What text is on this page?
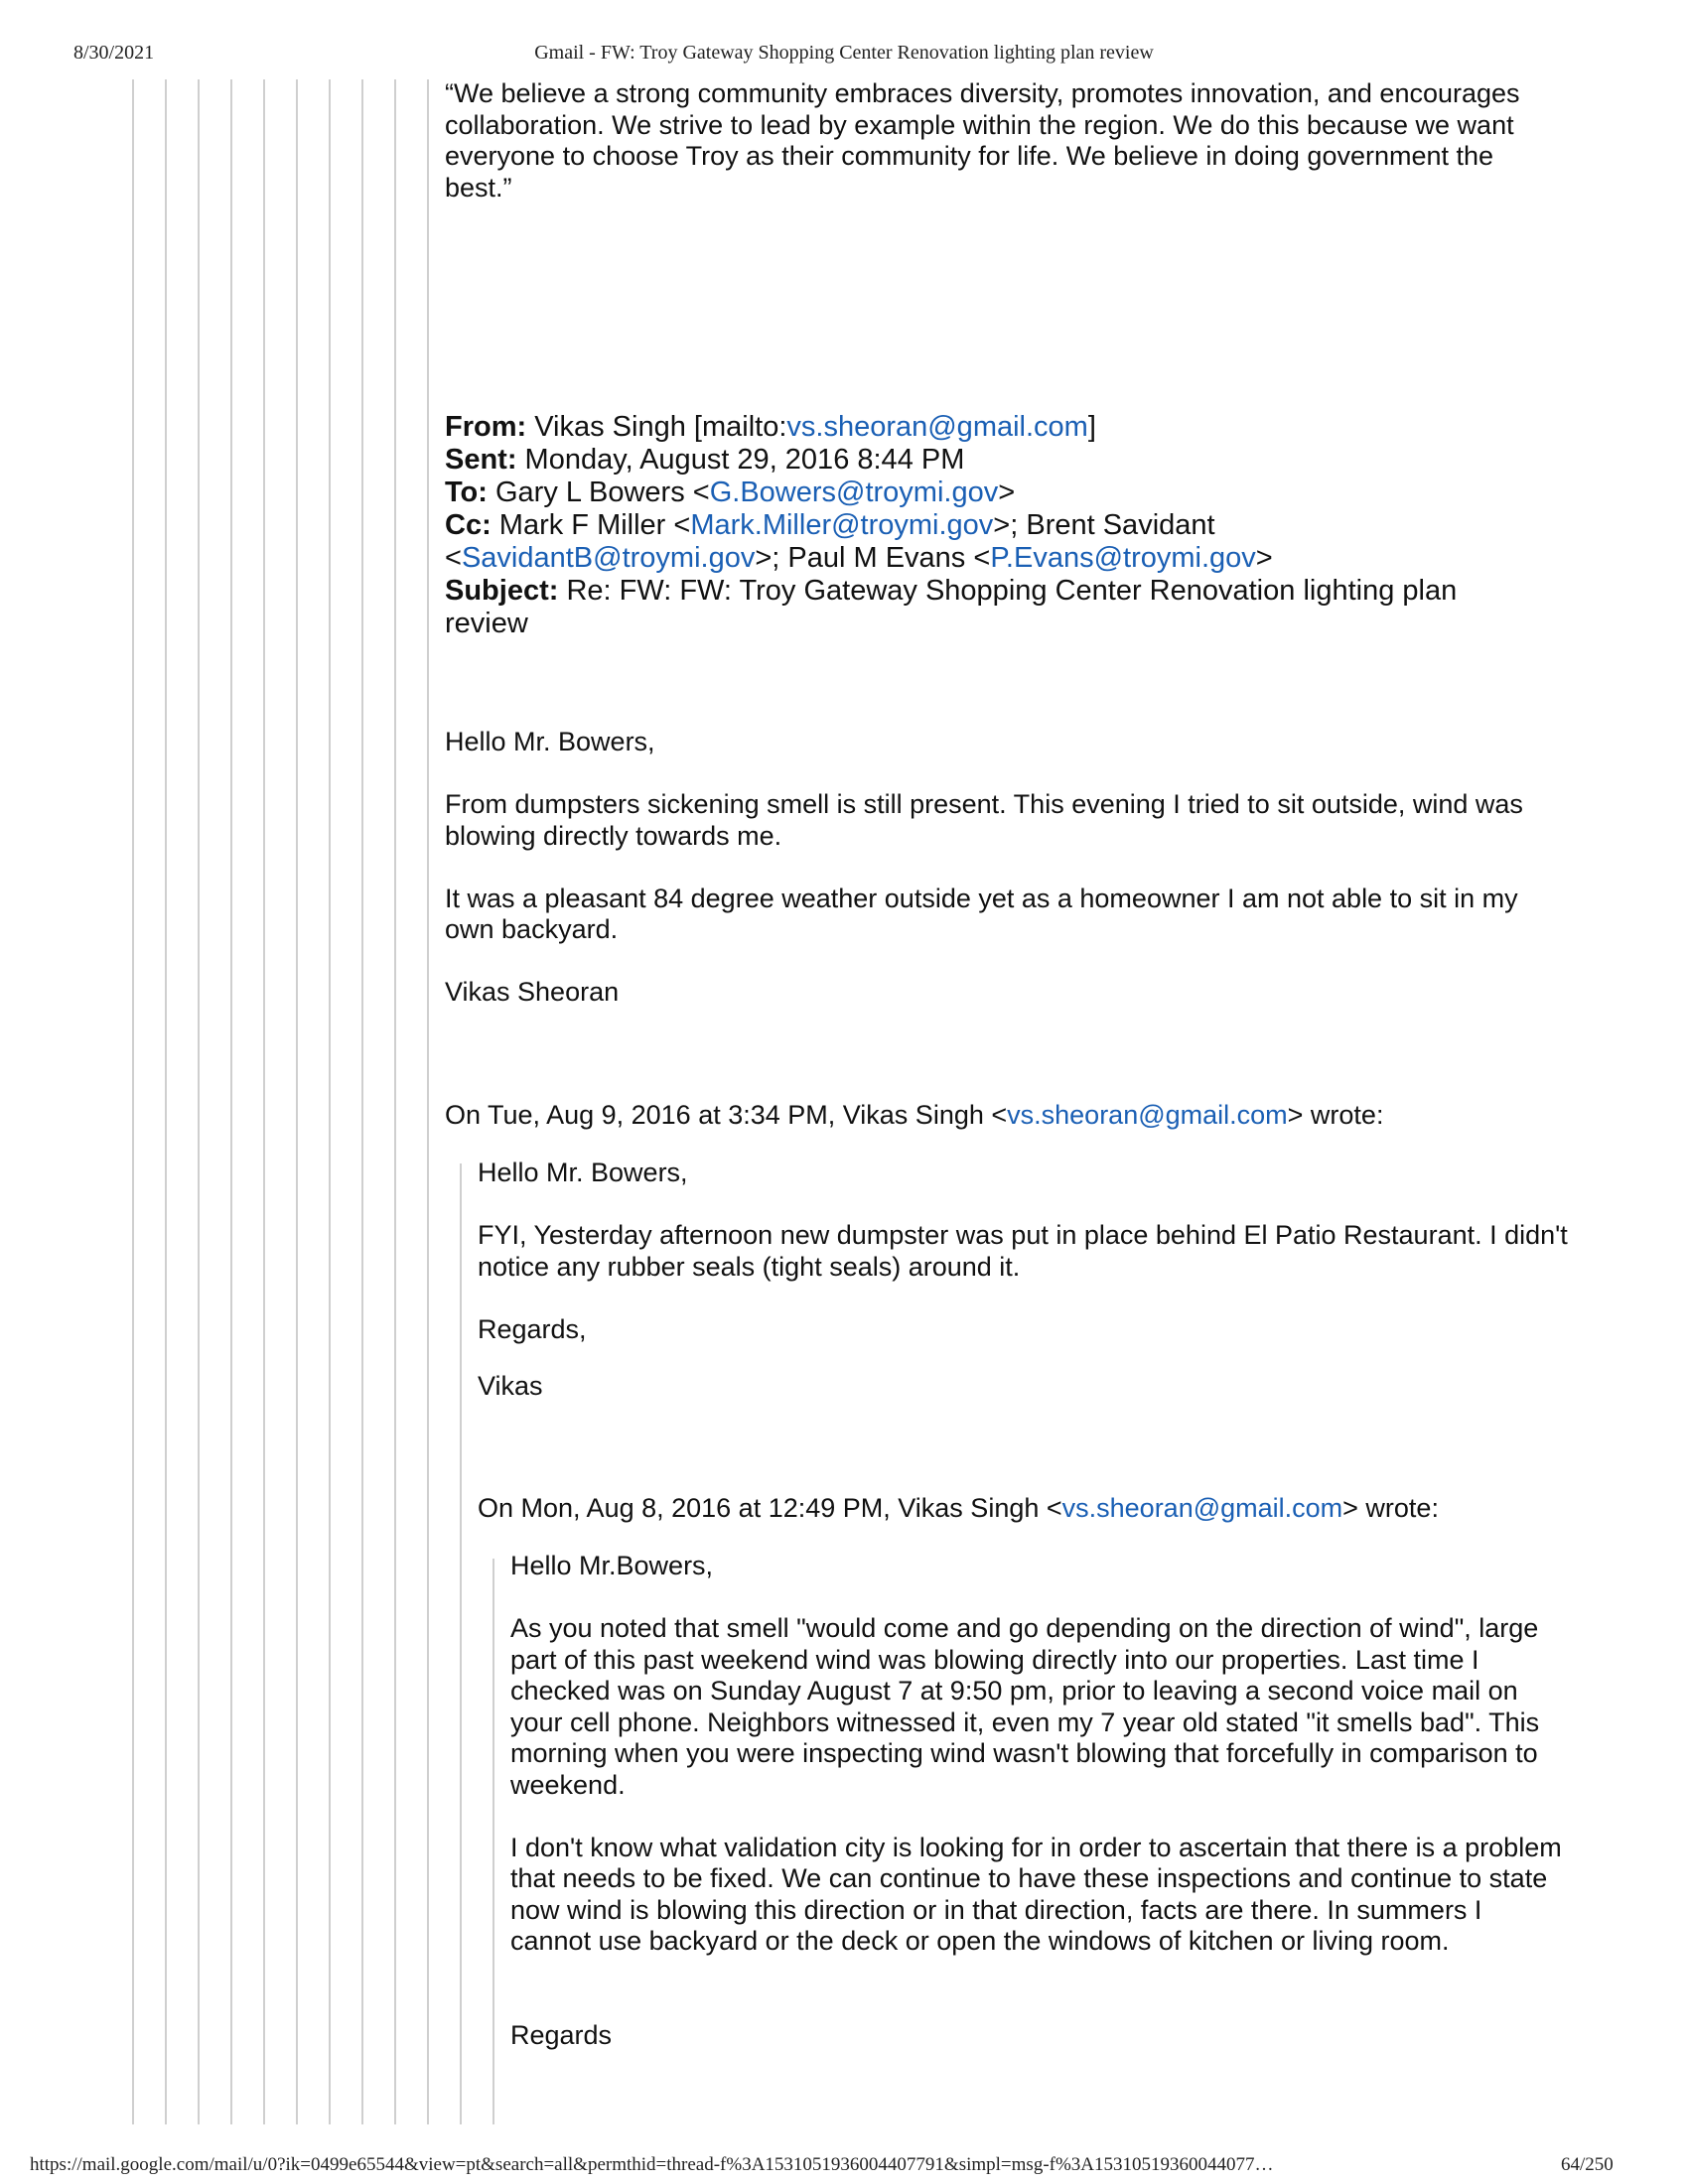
8/30/2021	Gmail - FW: Troy Gateway Shopping Center Renovation lighting plan review

“We believe a strong community embraces diversity, promotes innovation, and encourages

collaboration. We strive to lead by example within the region. We do this because we want

everyone to choose Troy as their community for life. We believe in doing government the

best.”

From: Vikas Singh [mailto:vs.sheoran@gmail.com]

Sent: Monday, August 29, 2016 8:44 PM

To: Gary L Bowers <G.Bowers@troymi.gov>

Cc: Mark F Miller <Mark.Miller@troymi.gov>; Brent Savidant

<SavidantB@troymi.gov>; Paul M Evans <P.Evans@troymi.gov>

Subject: Re: FW: FW: Troy Gateway Shopping Center Renovation lighting plan

review

Hello Mr. Bowers,

From dumpsters sickening smell is still present. This evening I tried to sit outside, wind was

blowing directly towards me.

It was a pleasant 84 degree weather outside yet as a homeowner I am not able to sit in my

own backyard.

Vikas Sheoran

On Tue, Aug 9, 2016 at 3:34 PM, Vikas Singh <vs.sheoran@gmail.com> wrote:

Hello Mr. Bowers,

FYI, Yesterday afternoon new dumpster was put in place behind El Patio Restaurant. I didn't

notice any rubber seals (tight seals) around it.

Regards,

Vikas

On Mon, Aug 8, 2016 at 12:49 PM, Vikas Singh <vs.sheoran@gmail.com> wrote:

Hello Mr.Bowers,

As you noted that smell "would come and go depending on the direction of wind", large

part of this past weekend wind was blowing directly into our properties. Last time I

checked was on Sunday August 7 at 9:50 pm, prior to leaving a second voice mail on

your cell phone. Neighbors witnessed it, even my 7 year old stated "it smells bad". This

morning when you were inspecting wind wasn't blowing that forcefully in comparison to

weekend.

I don't know what validation city is looking for in order to ascertain that there is a problem

that needs to be fixed. We can continue to have these inspections and continue to state

now wind is blowing this direction or in that direction, facts are there. In summers I

cannot use backyard or the deck or open the windows of kitchen or living room.

Regards

https://mail.google.com/mail/u/0?ik=0499e65544&view=pt&search=all&permthid=thread-f%3A1531051936004407791&simpl=msg-f%3A15310519360044077…	64/250
